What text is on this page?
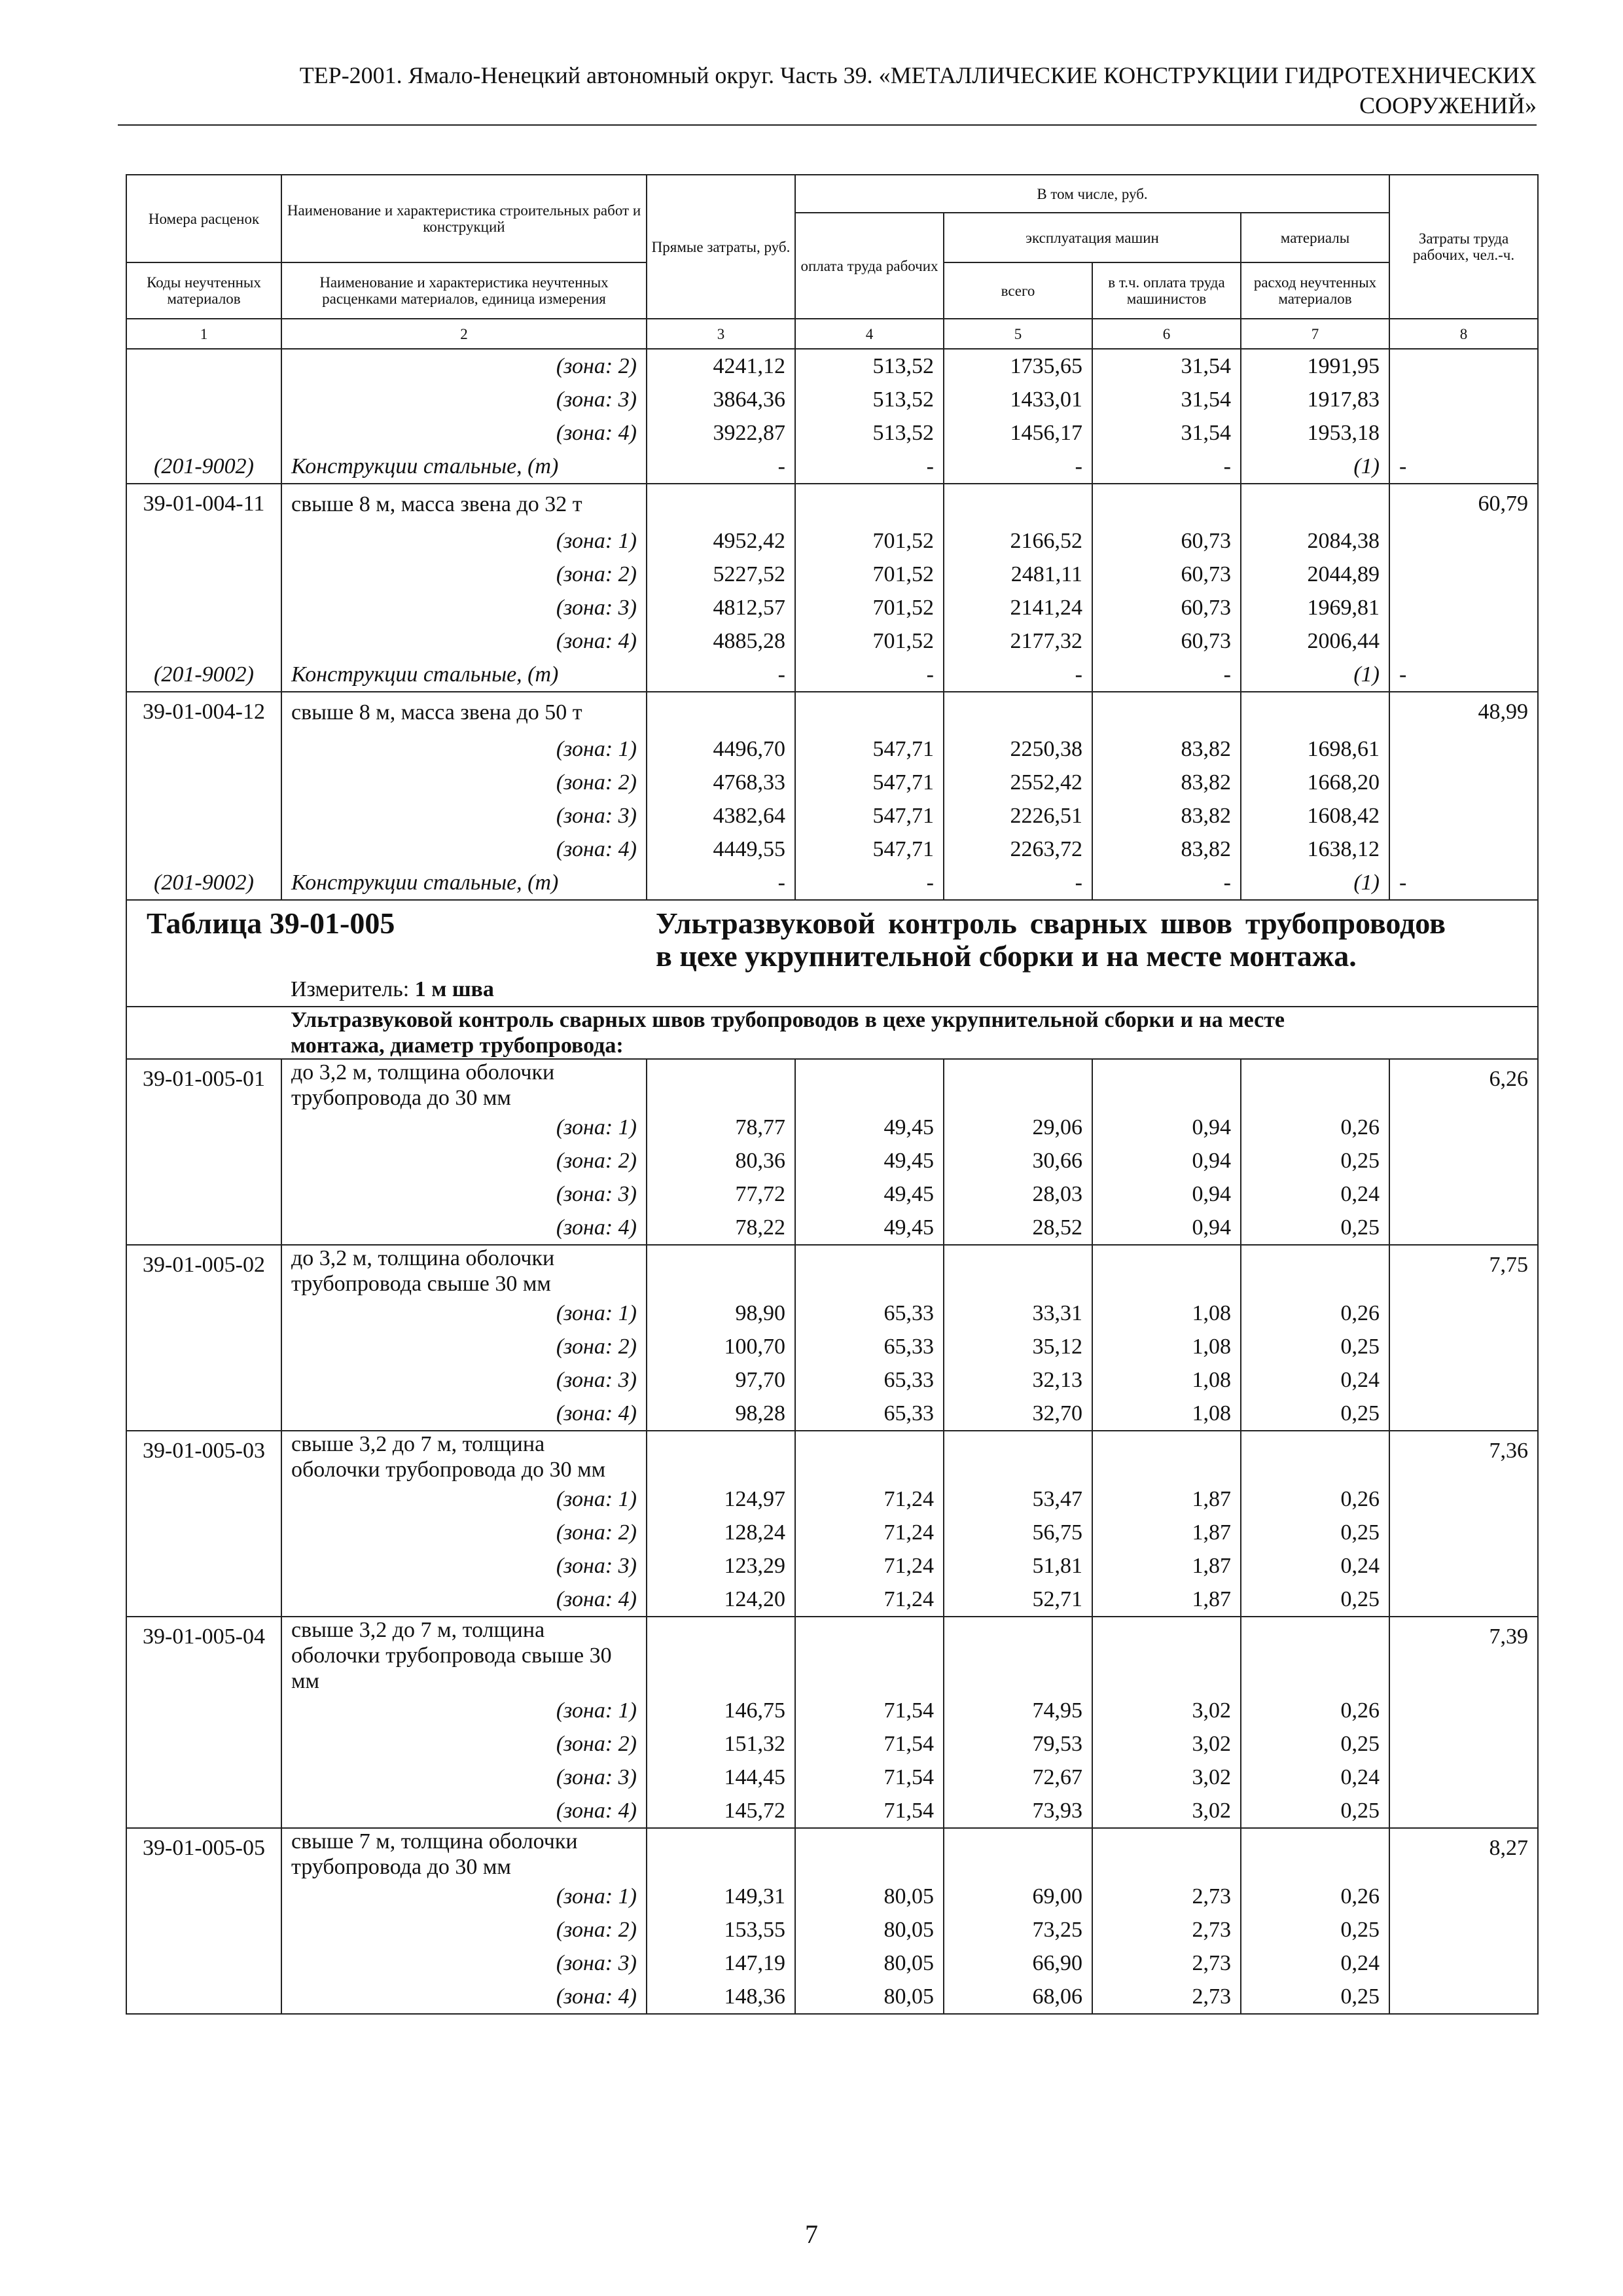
ТЕР-2001. Ямало-Ненецкий автономный округ. Часть 39. «МЕТАЛЛИЧЕСКИЕ КОНСТРУКЦИИ ГИДРОТЕХНИЧЕСКИХ
СООРУЖЕНИЙ»
Номера расценок	Наименование и характеристика строительных работ и конструкций	Прямые затраты, руб.	В том числе, руб.				Затраты труда рабочих, чел.-ч.
			оплата труда рабочих	эксплуатация машин		материалы	
Коды неучтенных материалов	Наименование и характеристика неучтенных расценками материалов, единица измерения			всего	в т.ч. оплата труда машинистов	расход неучтенных материалов	
1	2	3	4	5	6	7	8
	(зона: 2)	4241,12	513,52	1735,65	31,54	1991,95	
	(зона: 3)	3864,36	513,52	1433,01	31,54	1917,83	
	(зона: 4)	3922,87	513,52	1456,17	31,54	1953,18	
(201-9002)	Конструкции стальные, (т)	-	-	-	-	(1)	-
39-01-004-11	свыше 8 м, масса звена до 32 т						60,79
	(зона: 1)	4952,42	701,52	2166,52	60,73	2084,38	
	(зона: 2)	5227,52	701,52	2481,11	60,73	2044,89	
	(зона: 3)	4812,57	701,52	2141,24	60,73	1969,81	
	(зона: 4)	4885,28	701,52	2177,32	60,73	2006,44	
(201-9002)	Конструкции стальные, (т)	-	-	-	-	(1)	-
39-01-004-12	свыше 8 м, масса звена до 50 т						48,99
	(зона: 1)	4496,70	547,71	2250,38	83,82	1698,61	
	(зона: 2)	4768,33	547,71	2552,42	83,82	1668,20	
	(зона: 3)	4382,64	547,71	2226,51	83,82	1608,42	
	(зона: 4)	4449,55	547,71	2263,72	83,82	1638,12	
(201-9002)	Конструкции стальные, (т)	-	-	-	-	(1)	-
Таблица 39-01-005		Ультразвуковой контроль сварных швов трубопроводов в цехе укрупнительной сборки и на месте монтажа.					
	Измеритель: 1 м шва						
	Ультразвуковой контроль сварных швов трубопроводов в цехе укрупнительной сборки и на месте монтажа, диаметр трубопровода:						
39-01-005-01	до 3,2 м, толщина оболочки трубопровода до 30 мм						6,26
	(зона: 1)	78,77	49,45	29,06	0,94	0,26	
	(зона: 2)	80,36	49,45	30,66	0,94	0,25	
	(зона: 3)	77,72	49,45	28,03	0,94	0,24	
	(зона: 4)	78,22	49,45	28,52	0,94	0,25	
39-01-005-02	до 3,2 м, толщина оболочки трубопровода свыше 30 мм						7,75
	(зона: 1)	98,90	65,33	33,31	1,08	0,26	
	(зона: 2)	100,70	65,33	35,12	1,08	0,25	
	(зона: 3)	97,70	65,33	32,13	1,08	0,24	
	(зона: 4)	98,28	65,33	32,70	1,08	0,25	
39-01-005-03	свыше 3,2 до 7 м, толщина оболочки трубопровода до 30 мм						7,36
	(зона: 1)	124,97	71,24	53,47	1,87	0,26	
	(зона: 2)	128,24	71,24	56,75	1,87	0,25	
	(зона: 3)	123,29	71,24	51,81	1,87	0,24	
	(зона: 4)	124,20	71,24	52,71	1,87	0,25	
39-01-005-04	свыше 3,2 до 7 м, толщина оболочки трубопровода свыше 30 мм						7,39
	(зона: 1)	146,75	71,54	74,95	3,02	0,26	
	(зона: 2)	151,32	71,54	79,53	3,02	0,25	
	(зона: 3)	144,45	71,54	72,67	3,02	0,24	
	(зона: 4)	145,72	71,54	73,93	3,02	0,25	
39-01-005-05	свыше 7 м, толщина оболочки трубопровода до 30 мм						8,27
	(зона: 1)	149,31	80,05	69,00	2,73	0,26	
	(зона: 2)	153,55	80,05	73,25	2,73	0,25	
	(зона: 3)	147,19	80,05	66,90	2,73	0,24	
	(зона: 4)	148,36	80,05	68,06	2,73	0,25	
7
